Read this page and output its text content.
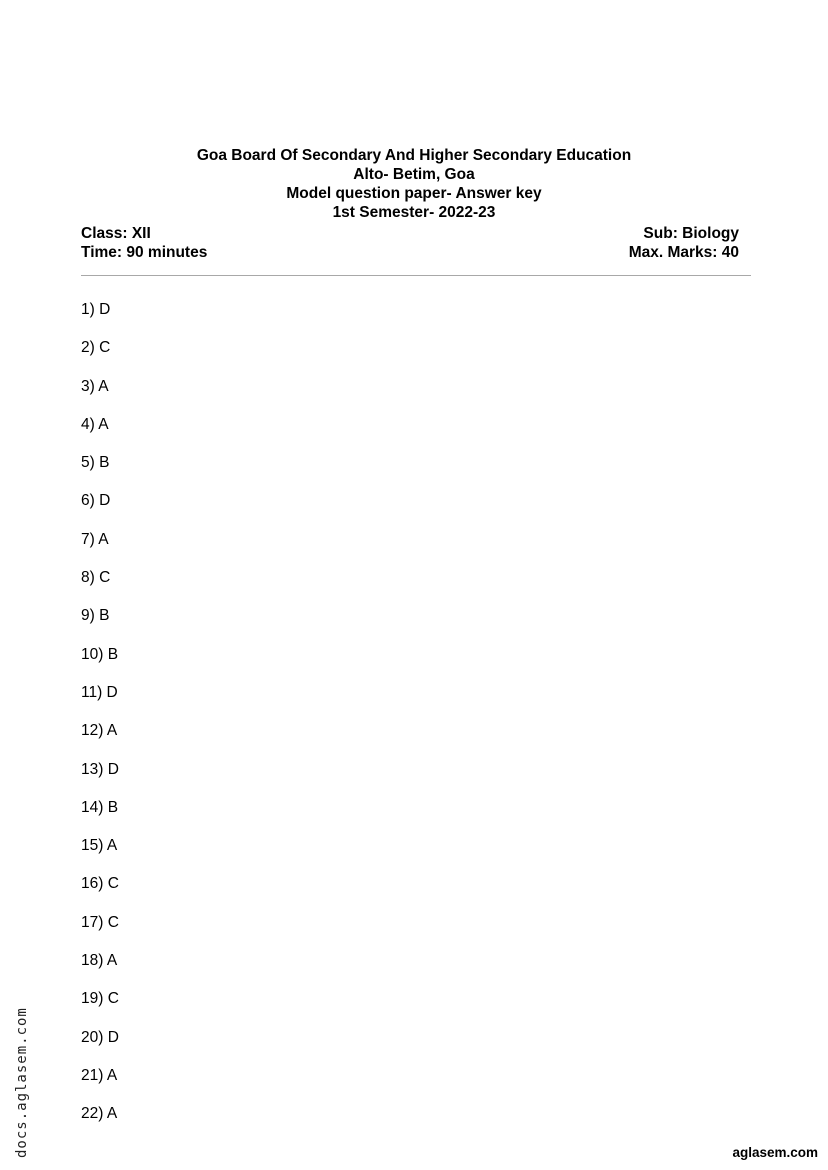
Goa Board Of Secondary And Higher Secondary Education
Alto- Betim, Goa
Model question paper- Answer key
1st Semester- 2022-23
Class: XII	Sub: Biology
Time: 90 minutes	Max. Marks: 40
1) D
2) C
3) A
4) A
5) B
6) D
7) A
8) C
9) B
10) B
11) D
12) A
13) D
14) B
15) A
16) C
17) C
18) A
19) C
20) D
21) A
22) A
docs.aglasem.com	aglasem.com
